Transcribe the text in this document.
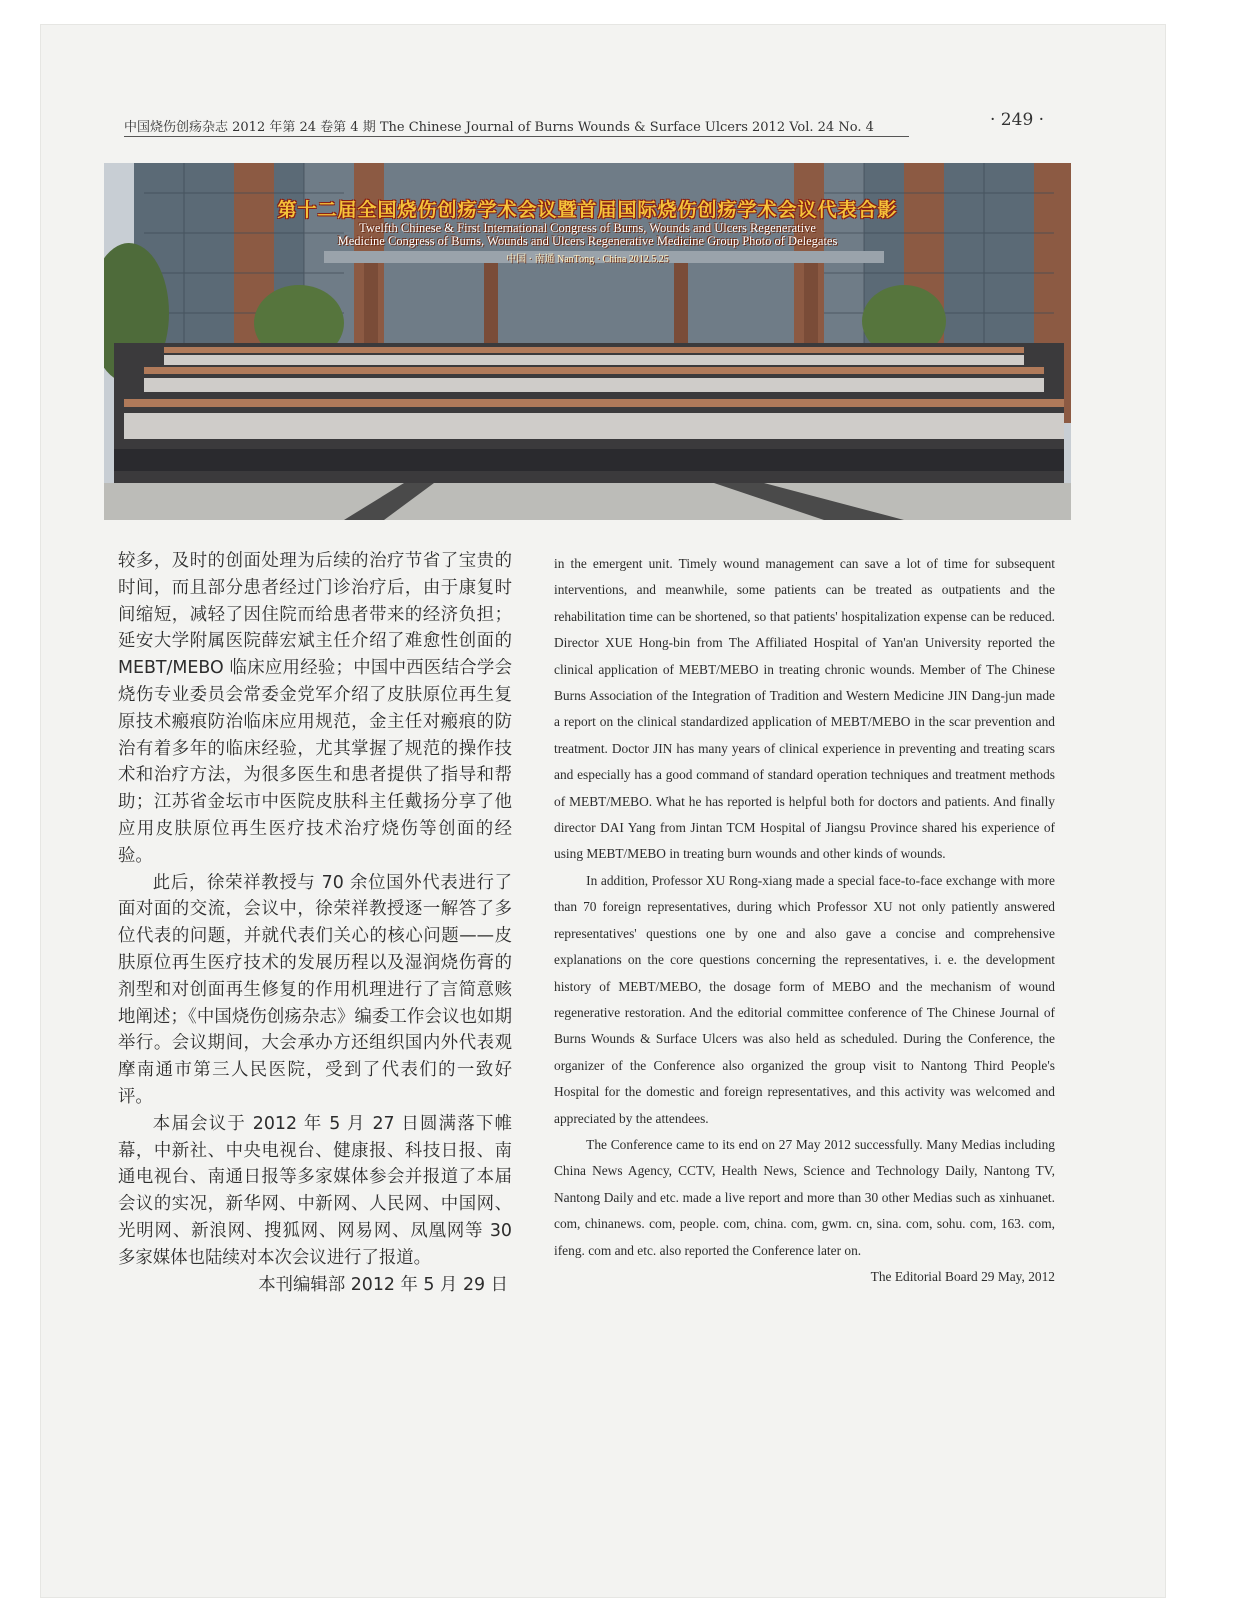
中国烧伤创疡杂志 2012 年第 24 卷第 4 期 The Chinese Journal of Burns Wounds & Surface Ulcers 2012 Vol. 24 No. 4	· 249 ·
第十二届全国烧伤创疡学术会议暨首届国际烧伤创疡学术会议代表合影
Twelfth Chinese & First International Congress of Burns, Wounds and Ulcers Regenerative
Medicine Congress of Burns, Wounds and Ulcers Regenerative Medicine Group Photo of Delegates
中国 · 南通 NanTong · China 2012.5.25

较多，及时的创面处理为后续的治疗节省了宝贵的时间，而且部分患者经过门诊治疗后，由于康复时间缩短，减轻了因住院而给患者带来的经济负担；延安大学附属医院薛宏斌主任介绍了难愈性创面的 MEBT/MEBO 临床应用经验；中国中西医结合学会烧伤专业委员会常委金党军介绍了皮肤原位再生复原技术瘢痕防治临床应用规范，金主任对瘢痕的防治有着多年的临床经验，尤其掌握了规范的操作技术和治疗方法，为很多医生和患者提供了指导和帮助；江苏省金坛市中医院皮肤科主任戴扬分享了他应用皮肤原位再生医疗技术治疗烧伤等创面的经验。

此后，徐荣祥教授与 70 余位国外代表进行了面对面的交流，会议中，徐荣祥教授逐一解答了多位代表的问题，并就代表们关心的核心问题——皮肤原位再生医疗技术的发展历程以及湿润烧伤膏的剂型和对创面再生修复的作用机理进行了言简意赅地阐述；《中国烧伤创疡杂志》编委工作会议也如期举行。会议期间，大会承办方还组织国内外代表观摩南通市第三人民医院，受到了代表们的一致好评。

本届会议于 2012 年 5 月 27 日圆满落下帷幕，中新社、中央电视台、健康报、科技日报、南通电视台、南通日报等多家媒体参会并报道了本届会议的实况，新华网、中新网、人民网、中国网、光明网、新浪网、搜狐网、网易网、凤凰网等 30 多家媒体也陆续对本次会议进行了报道。

本刊编辑部 2012 年 5 月 29 日

in the emergent unit. Timely wound management can save a lot of time for subsequent interventions, and meanwhile, some patients can be treated as outpatients and the rehabilitation time can be shortened, so that patients' hospitalization expense can be reduced. Director XUE Hong-bin from The Affiliated Hospital of Yan'an University reported the clinical application of MEBT/MEBO in treating chronic wounds. Member of The Chinese Burns Association of the Integration of Tradition and Western Medicine JIN Dang-jun made a report on the clinical standardized application of MEBT/MEBO in the scar prevention and treatment. Doctor JIN has many years of clinical experience in preventing and treating scars and especially has a good command of standard operation techniques and treatment methods of MEBT/MEBO. What he has reported is helpful both for doctors and patients. And finally director DAI Yang from Jintan TCM Hospital of Jiangsu Province shared his experience of using MEBT/MEBO in treating burn wounds and other kinds of wounds.

In addition, Professor XU Rong-xiang made a special face-to-face exchange with more than 70 foreign representatives, during which Professor XU not only patiently answered representatives' questions one by one and also gave a concise and comprehensive explanations on the core questions concerning the representatives, i. e. the development history of MEBT/MEBO, the dosage form of MEBO and the mechanism of wound regenerative restoration. And the editorial committee conference of The Chinese Journal of Burns Wounds & Surface Ulcers was also held as scheduled. During the Conference, the organizer of the Conference also organized the group visit to Nantong Third People's Hospital for the domestic and foreign representatives, and this activity was welcomed and appreciated by the attendees.

The Conference came to its end on 27 May 2012 successfully. Many Medias including China News Agency, CCTV, Health News, Science and Technology Daily, Nantong TV, Nantong Daily and etc. made a live report and more than 30 other Medias such as xinhuanet. com, chinanews. com, people. com, china. com, gwm. cn, sina. com, sohu. com, 163. com, ifeng. com and etc. also reported the Conference later on.

The Editorial Board 29 May, 2012
